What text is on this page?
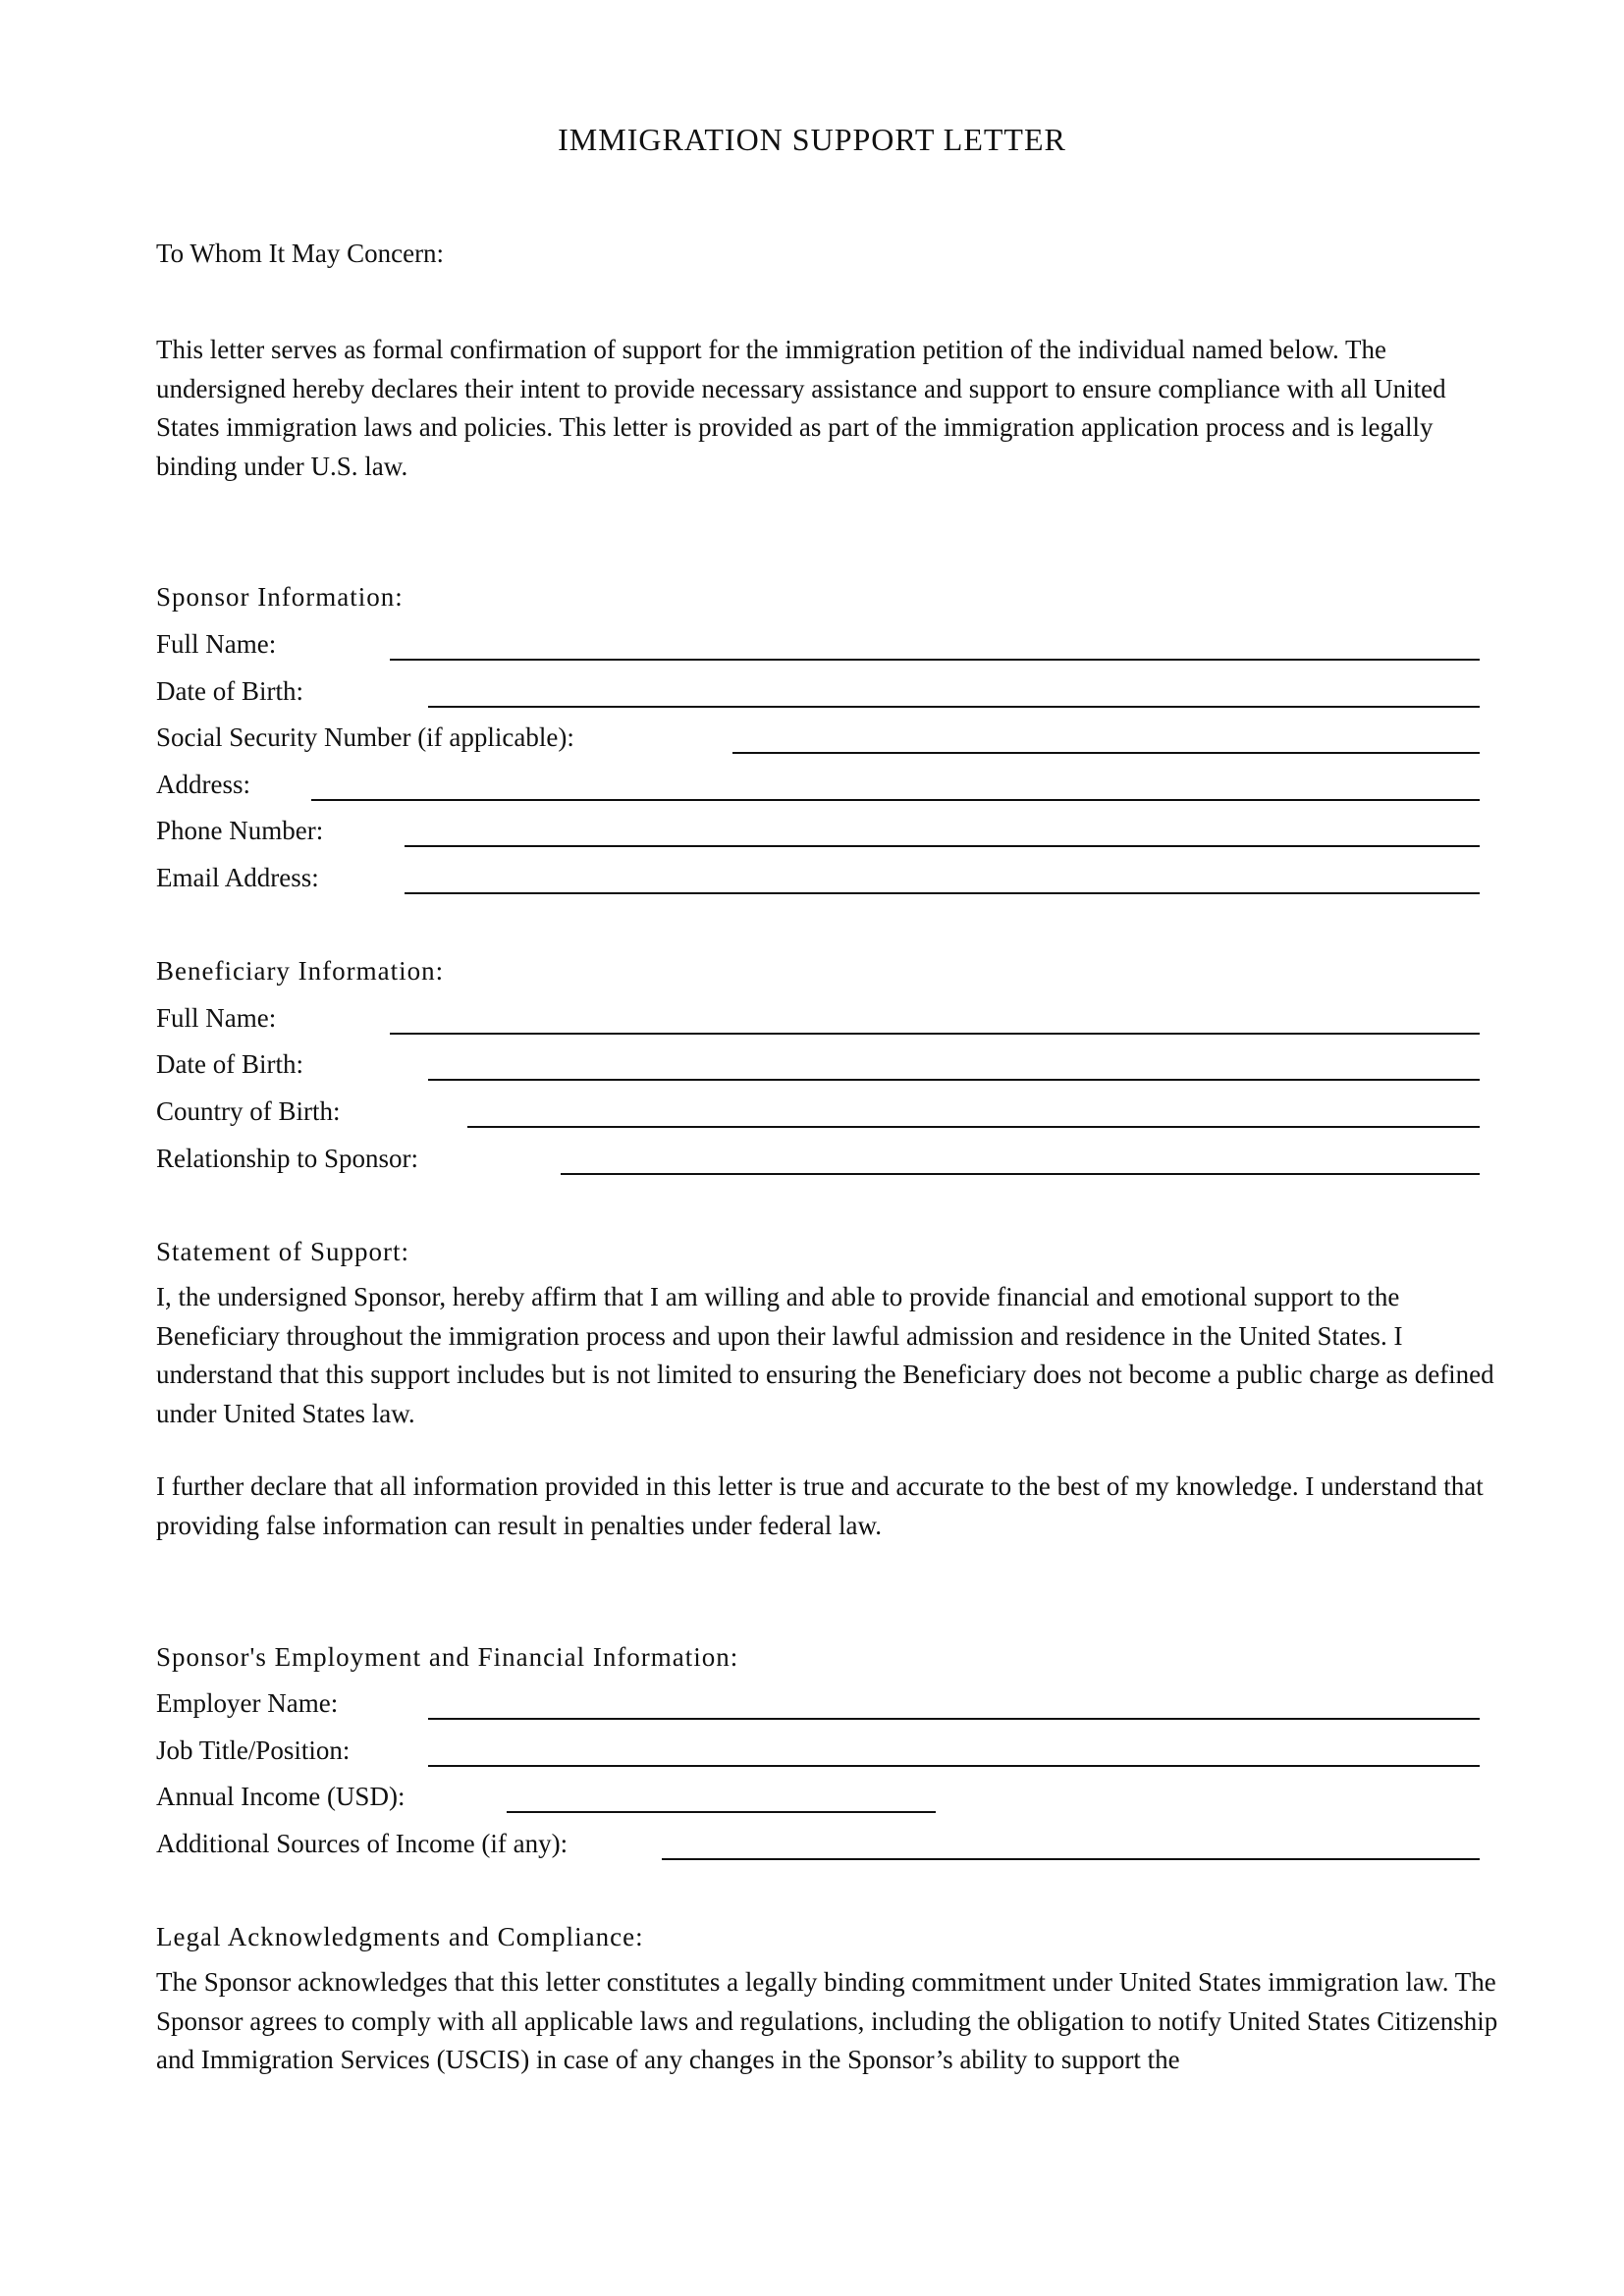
IMMIGRATION SUPPORT LETTER
To Whom It May Concern:
This letter serves as formal confirmation of support for the immigration petition of the individual named below. The undersigned hereby declares their intent to provide necessary assistance and support to ensure compliance with all United States immigration laws and policies. This letter is provided as part of the immigration application process and is legally binding under U.S. law.
Sponsor Information:
Full Name:
Date of Birth:
Social Security Number (if applicable):
Address:
Phone Number:
Email Address:
Beneficiary Information:
Full Name:
Date of Birth:
Country of Birth:
Relationship to Sponsor:
Statement of Support:
I, the undersigned Sponsor, hereby affirm that I am willing and able to provide financial and emotional support to the Beneficiary throughout the immigration process and upon their lawful admission and residence in the United States. I understand that this support includes but is not limited to ensuring the Beneficiary does not become a public charge as defined under United States law.
I further declare that all information provided in this letter is true and accurate to the best of my knowledge. I understand that providing false information can result in penalties under federal law.
Sponsor's Employment and Financial Information:
Employer Name:
Job Title/Position:
Annual Income (USD):
Additional Sources of Income (if any):
Legal Acknowledgments and Compliance:
The Sponsor acknowledges that this letter constitutes a legally binding commitment under United States immigration law. The Sponsor agrees to comply with all applicable laws and regulations, including the obligation to notify United States Citizenship and Immigration Services (USCIS) in case of any changes in the Sponsor’s ability to support the
